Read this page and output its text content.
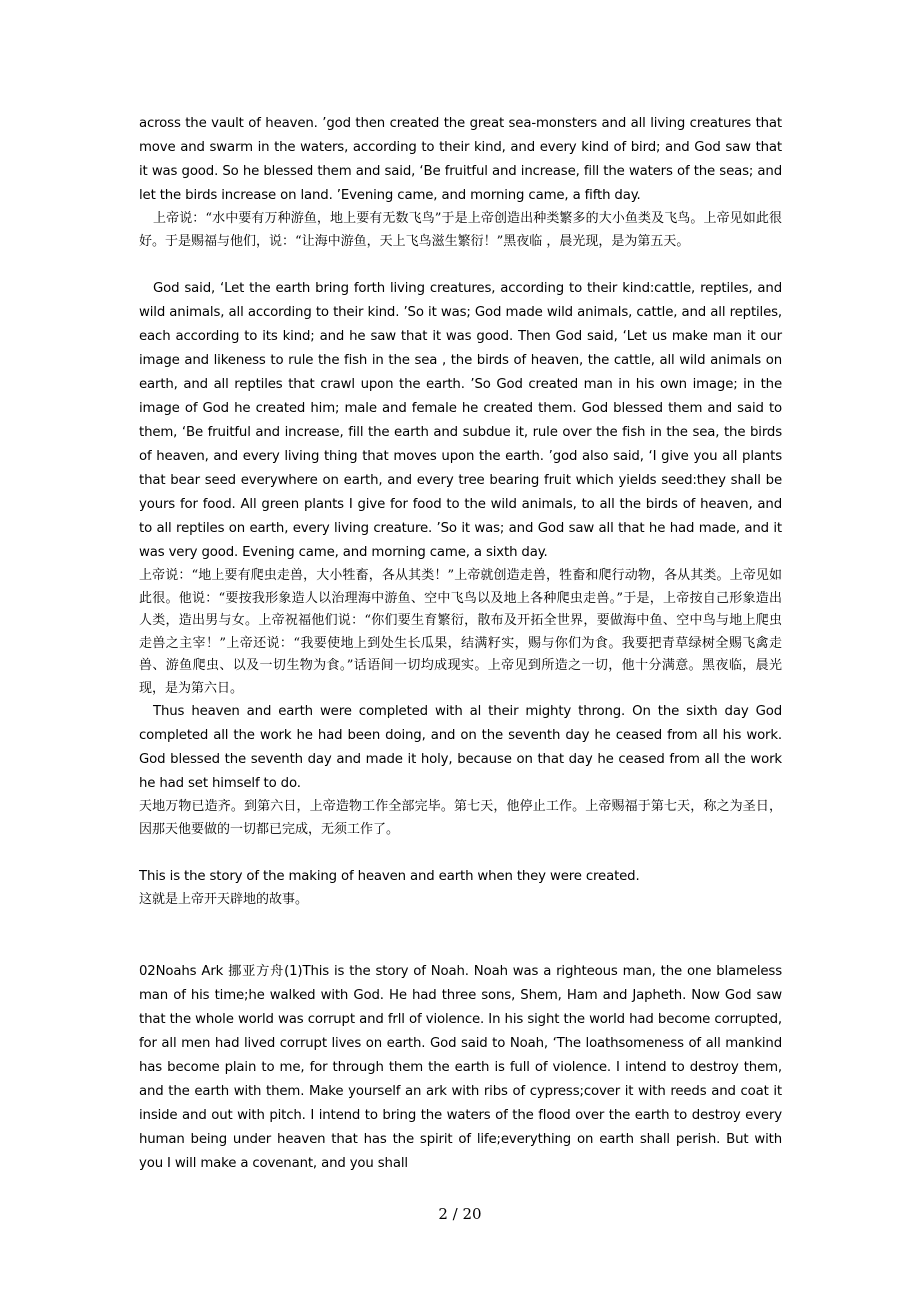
across the vault of heaven. ’god then created the great sea-monsters and all living creatures that move and swarm in the waters, according to their kind, and every kind of bird; and God saw that it was good. So he blessed them and said, ‘Be fruitful and increase, fill the waters of the seas; and let the birds increase on land. ’Evening came, and morning came, a fifth day.

上帝说：“水中要有万种游鱼，地上要有无数飞鸟”于是上帝创造出种类繁多的大小鱼类及飞鸟。上帝见如此很好。于是赐福与他们，说：“让海中游鱼，天上飞鸟滋生繁衍！”黑夜临 ，晨光现，是为第五天。

God said, ‘Let the earth bring forth living creatures, according to their kind:cattle, reptiles, and wild animals, all according to their kind. ’So it was; God made wild animals, cattle, and all reptiles, each according to its kind; and he saw that it was good. Then God said, ‘Let us make man it our image and likeness to rule the fish in the sea , the birds of heaven, the cattle, all wild animals on earth, and all reptiles that crawl upon the earth. ’So God created man in his own image; in the image of God he created him; male and female he created them. God blessed them and said to them, ‘Be fruitful and increase, fill the earth and subdue it, rule over the fish in the sea, the birds of heaven, and every living thing that moves upon the earth. ’god also said, ‘I give you all plants that bear seed everywhere on earth, and every tree bearing fruit which yields seed:they shall be yours for food. All green plants I give for food to the wild animals, to all the birds of heaven, and to all reptiles on earth, every living creature. ’So it was; and God saw all that he had made, and it was very good. Evening came, and morning came, a sixth day.

上帝说：“地上要有爬虫走兽，大小牲畜，各从其类！”上帝就创造走兽，牲畜和爬行动物，各从其类。上帝见如此很。他说：“要按我形象造人以治理海中游鱼、空中飞鸟以及地上各种爬虫走兽。”于是，上帝按自己形象造出人类，造出男与女。上帝祝福他们说：“你们要生育繁衍，散布及开拓全世界，要做海中鱼、空中鸟与地上爬虫走兽之主宰！”上帝还说：“我要使地上到处生长瓜果，结满籽实，赐与你们为食。我要把青草绿树全赐飞禽走兽、游鱼爬虫、以及一切生物为食。”话语间一切均成现实。上帝见到所造之一切，他十分满意。黑夜临，晨光现，是为第六日。

Thus heaven and earth were completed with al their mighty throng. On the sixth day God completed all the work he had been doing, and on the seventh day he ceased from all his work. God blessed the seventh day and made it holy, because on that day he ceased from all the work he had set himself to do.

天地万物已造齐。到第六日，上帝造物工作全部完毕。第七天，他停止工作。上帝赐福于第七天，称之为圣日，因那天他要做的一切都已完成，无须工作了。

This is the story of the making of heaven and earth when they were created.

这就是上帝开天辟地的故事。

02Noahs Ark 挪亚方舟(1)This is the story of Noah. Noah was a righteous man, the one blameless man of his time;he walked with God. He had three sons, Shem, Ham and Japheth. Now God saw that the whole world was corrupt and frll of violence. In his sight the world had become corrupted, for all men had lived corrupt lives on earth. God said to Noah, ‘The loathsomeness of all mankind has become plain to me, for through them the earth is full of violence. I intend to destroy them, and the earth with them. Make yourself an ark with ribs of cypress;cover it with reeds and coat it inside and out with pitch. I intend to bring the waters of the flood over the earth to destroy every human being under heaven that has the spirit of life;everything on earth shall perish. But with you I will make a covenant, and you shall

2 / 20
